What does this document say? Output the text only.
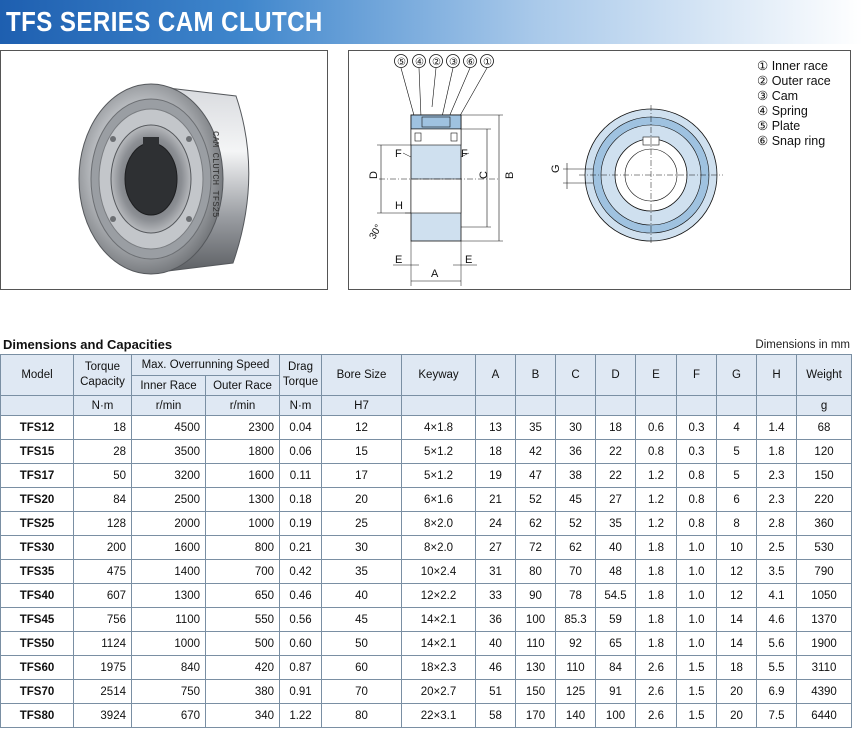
TFS SERIES CAM CLUTCH
CAM CLUTCH TFS25
⑤ ④ ② ③ ⑥ ①
D	C B
F	F
H
30°
A
E	E
G
① Inner race
② Outer race
③ Cam
④ Spring
⑤ Plate
⑥ Snap ring
Dimensions and Capacities	Dimensions in mm
Model	Torque Capacity	Max. Overrunning Speed		Drag Torque	Bore Size	Keyway	A	B	C	D	E	F	G	H	Weight
		Inner Race	Outer Race												
	N·m	r/min	r/min	N·m	H7										g
TFS12	18	4500	2300	0.04	12	4×1.8	13	35	30	18	0.6	0.3	4	1.4	68
TFS15	28	3500	1800	0.06	15	5×1.2	18	42	36	22	0.8	0.3	5	1.8	120
TFS17	50	3200	1600	0.11	17	5×1.2	19	47	38	22	1.2	0.8	5	2.3	150
TFS20	84	2500	1300	0.18	20	6×1.6	21	52	45	27	1.2	0.8	6	2.3	220
TFS25	128	2000	1000	0.19	25	8×2.0	24	62	52	35	1.2	0.8	8	2.8	360
TFS30	200	1600	800	0.21	30	8×2.0	27	72	62	40	1.8	1.0	10	2.5	530
TFS35	475	1400	700	0.42	35	10×2.4	31	80	70	48	1.8	1.0	12	3.5	790
TFS40	607	1300	650	0.46	40	12×2.2	33	90	78	54.5	1.8	1.0	12	4.1	1050
TFS45	756	1100	550	0.56	45	14×2.1	36	100	85.3	59	1.8	1.0	14	4.6	1370
TFS50	1124	1000	500	0.60	50	14×2.1	40	110	92	65	1.8	1.0	14	5.6	1900
TFS60	1975	840	420	0.87	60	18×2.3	46	130	110	84	2.6	1.5	18	5.5	3110
TFS70	2514	750	380	0.91	70	20×2.7	51	150	125	91	2.6	1.5	20	6.9	4390
TFS80	3924	670	340	1.22	80	22×3.1	58	170	140	100	2.6	1.5	20	7.5	6440
